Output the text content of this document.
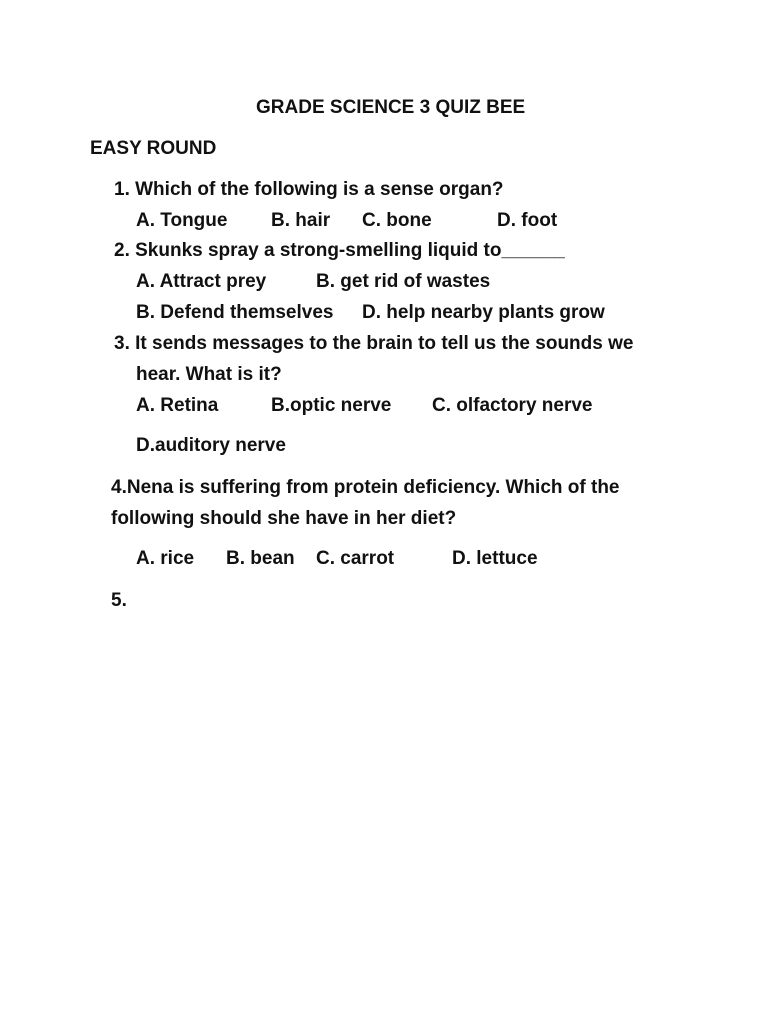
GRADE SCIENCE 3 QUIZ BEE
EASY ROUND
1. Which of the following is a sense organ?
A. Tongue B. hair C. bone	D. foot
2. Skunks spray a strong-smelling liquid to______
A. Attract prey	B. get rid of wastes
B. Defend themselves D. help nearby plants grow
3. It sends messages to the brain to tell us the sounds we
hear. What is it?
A. Retina	B.optic nerve C. olfactory nerve
D.auditory nerve
4.Nena is suffering from protein deficiency. Which of the
following should she have in her diet?
A. rice B. bean C. carrot	D. lettuce
5.
